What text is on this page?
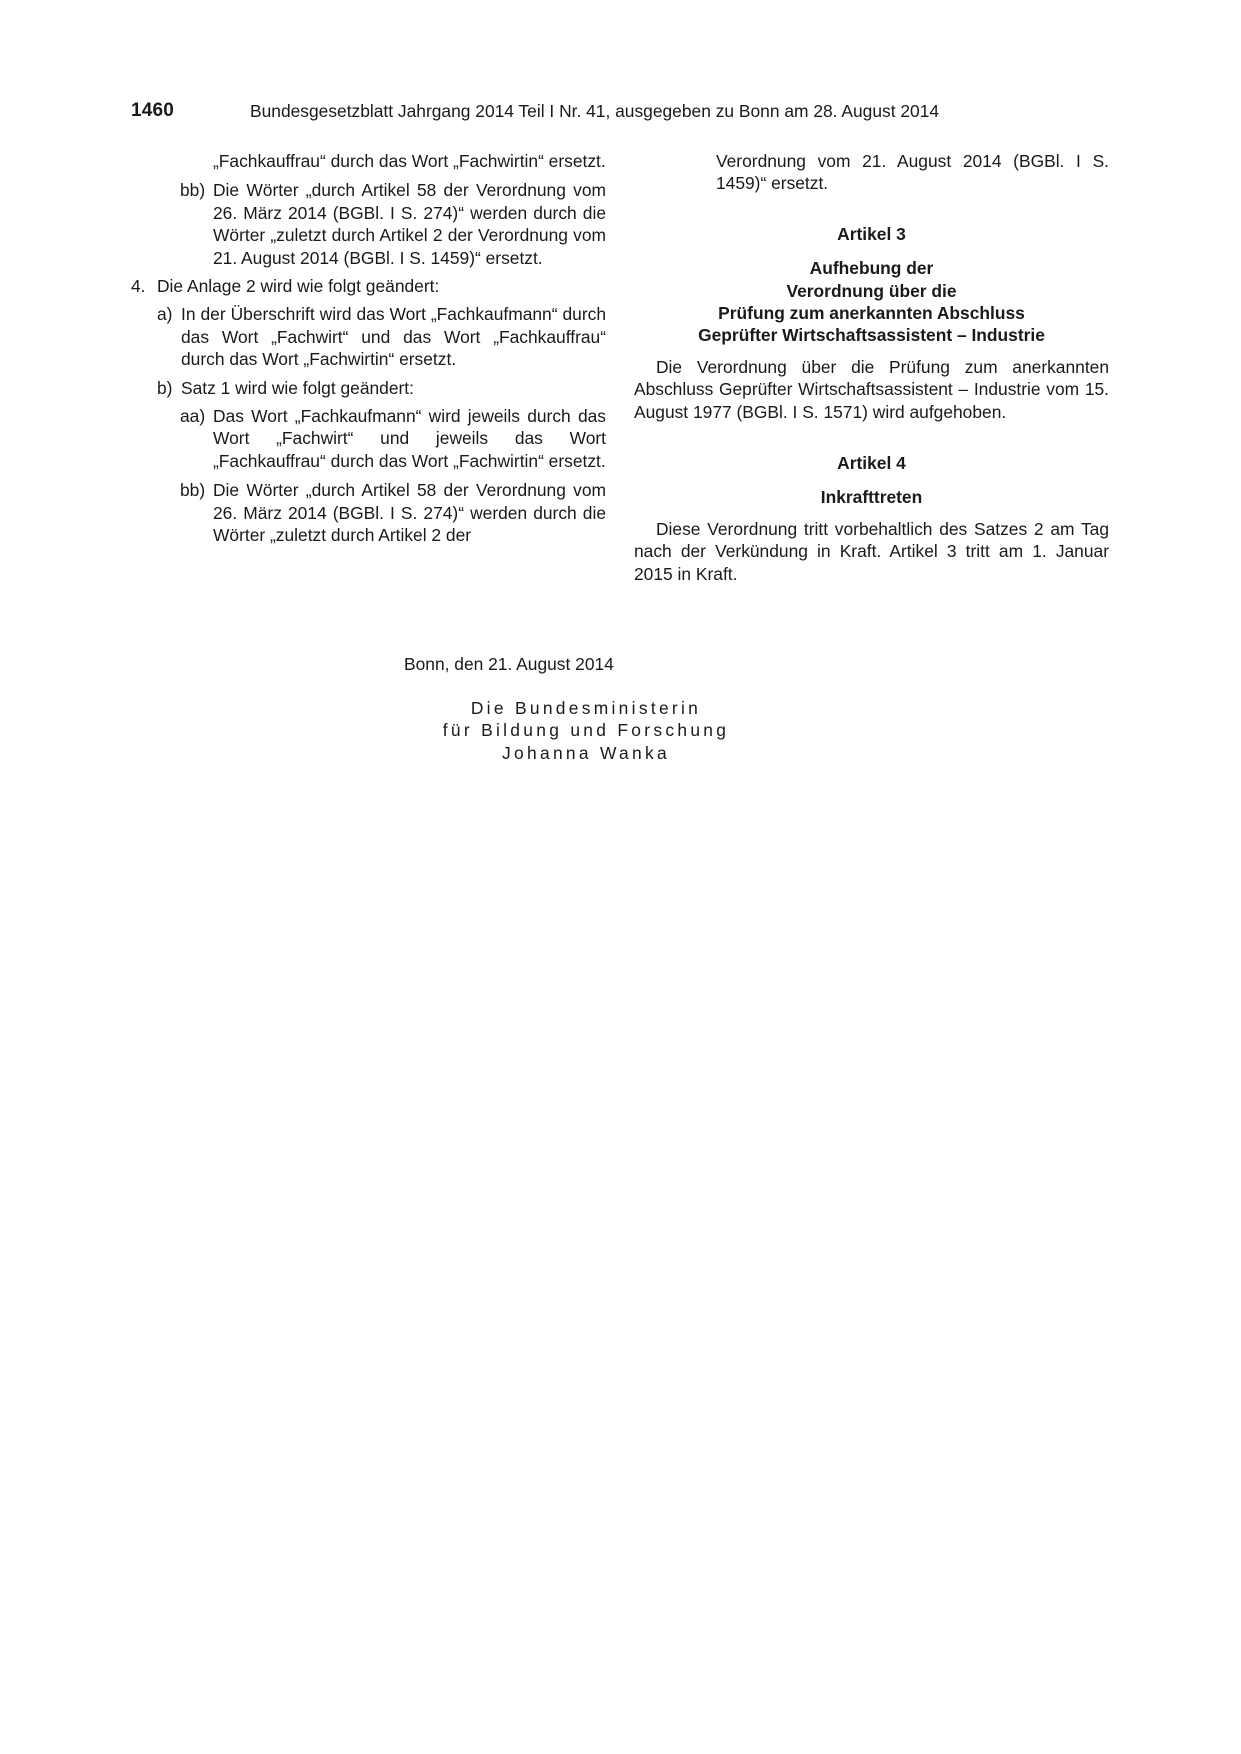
1460	Bundesgesetzblatt Jahrgang 2014 Teil I Nr. 41, ausgegeben zu Bonn am 28. August 2014
„Fachkauffrau“ durch das Wort „Fachwirtin“ ersetzt.
bb) Die Wörter „durch Artikel 58 der Verordnung vom 26. März 2014 (BGBl. I S. 274)“ werden durch die Wörter „zuletzt durch Artikel 2 der Verordnung vom 21. August 2014 (BGBl. I S. 1459)“ ersetzt.
4. Die Anlage 2 wird wie folgt geändert:
a) In der Überschrift wird das Wort „Fachkaufmann“ durch das Wort „Fachwirt“ und das Wort „Fachkauffrau“ durch das Wort „Fachwirtin“ ersetzt.
b) Satz 1 wird wie folgt geändert:
aa) Das Wort „Fachkaufmann“ wird jeweils durch das Wort „Fachwirt“ und jeweils das Wort „Fachkauffrau“ durch das Wort „Fachwirtin“ ersetzt.
bb) Die Wörter „durch Artikel 58 der Verordnung vom 26. März 2014 (BGBl. I S. 274)“ werden durch die Wörter „zuletzt durch Artikel 2 der
Verordnung vom 21. August 2014 (BGBl. I S. 1459)“ ersetzt.
Artikel 3
Aufhebung der
Verordnung über die
Prüfung zum anerkannten Abschluss
Geprüfter Wirtschaftsassistent – Industrie
Die Verordnung über die Prüfung zum anerkannten Abschluss Geprüfter Wirtschaftsassistent – Industrie vom 15. August 1977 (BGBl. I S. 1571) wird aufgehoben.
Artikel 4
Inkrafttreten
Diese Verordnung tritt vorbehaltlich des Satzes 2 am Tag nach der Verkündung in Kraft. Artikel 3 tritt am 1. Januar 2015 in Kraft.
Bonn, den 21. August 2014
Die Bundesministerin
für Bildung und Forschung
Johanna Wanka
